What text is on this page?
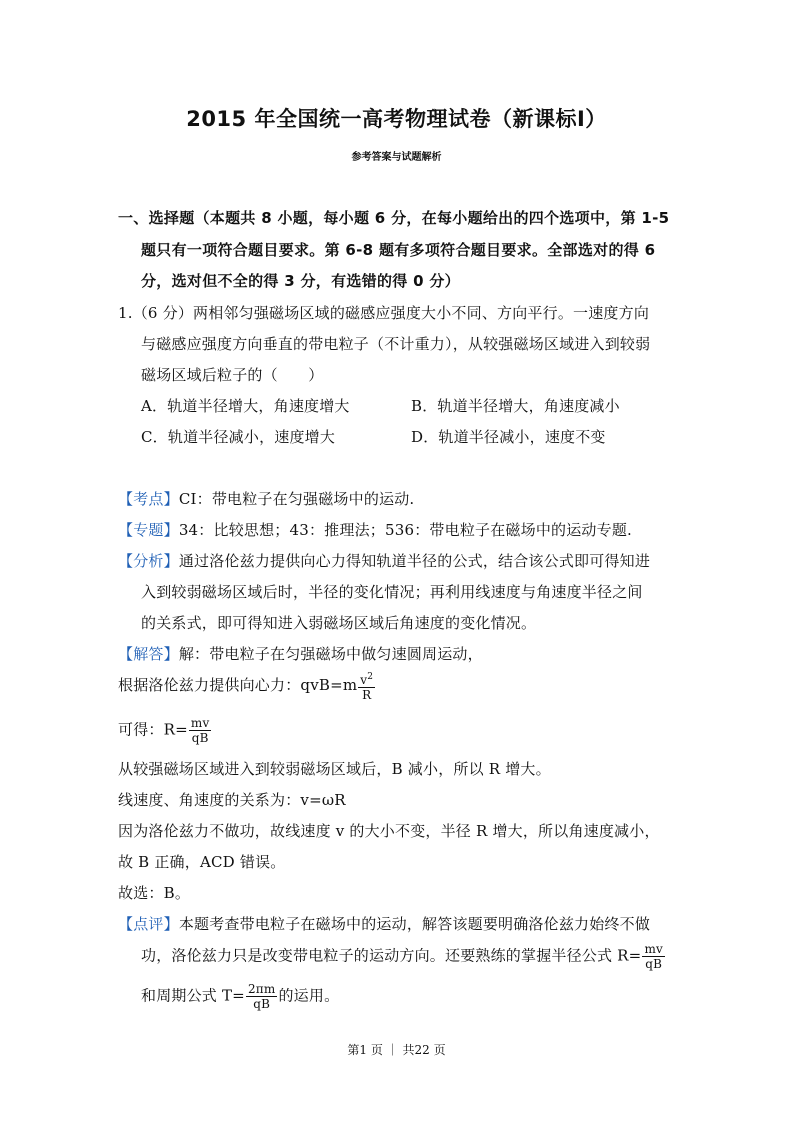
2015 年全国统一高考物理试卷（新课标Ⅰ）
参考答案与试题解析
一、选择题（本题共 8 小题，每小题 6 分，在每小题给出的四个选项中，第 1-5
题只有一项符合题目要求。第 6-8 题有多项符合题目要求。全部选对的得 6
分，选对但不全的得 3 分，有选错的得 0 分）
1.（6 分）两相邻匀强磁场区域的磁感应强度大小不同、方向平行。一速度方向
与磁感应强度方向垂直的带电粒子（不计重力），从较强磁场区域进入到较弱
磁场区域后粒子的（　　）
A．轨道半径增大，角速度增大	B．轨道半径增大，角速度减小
C．轨道半径减小，速度增大	D．轨道半径减小，速度不变
【考点】CI：带电粒子在匀强磁场中的运动.
【专题】34：比较思想；43：推理法；536：带电粒子在磁场中的运动专题.
【分析】通过洛伦兹力提供向心力得知轨道半径的公式，结合该公式即可得知进
入到较弱磁场区域后时，半径的变化情况；再利用线速度与角速度半径之间
的关系式，即可得知进入弱磁场区域后角速度的变化情况。
【解答】解：带电粒子在匀强磁场中做匀速圆周运动，
根据洛伦兹力提供向心力：$qvB=m \frac{v^2}{R}$
可得：$R= \frac{mv}{qB}$
从较强磁场区域进入到较弱磁场区域后，B 减小，所以 R 增大。
线速度、角速度的关系为：v=ωR
因为洛伦兹力不做功，故线速度 v 的大小不变，半径 R 增大，所以角速度减小，
故 B 正确，ACD 错误。
故选：B。
【点评】本题考查带电粒子在磁场中的运动，解答该题要明确洛伦兹力始终不做
功，洛伦兹力只是改变带电粒子的运动方向。还要熟练的掌握半径公式 $R= \frac{mv}{qB}$
和周期公式 $T= \frac{2\pi m}{qB}$ 的运用。
第1 页 ｜ 共22 页
